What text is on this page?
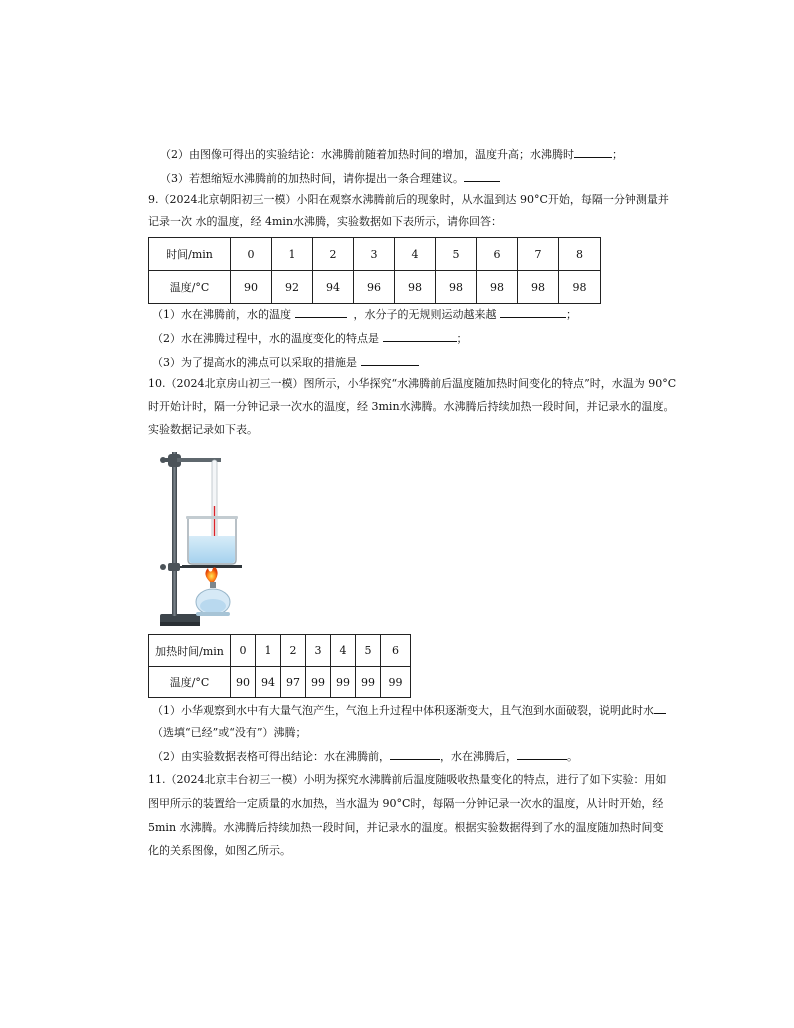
（2）由图像可得出的实验结论：水沸腾前随着加热时间的增加，温度升高；水沸腾时	；
（3）若想缩短水沸腾前的加热时间，请你提出一条合理建议。
9.（2024北京朝阳初三一模）小阳在观察水沸腾前后的现象时，从水温到达 90°C开始，每隔一分钟测量并
记录一次 水的温度，经 4min水沸腾，实验数据如下表所示，请你回答：
时间/min	0	1	2	3	4	5	6	7	8
温度/°C	90	92	94	96	98	98	98	98	98
（1）水在沸腾前，水的温度	，水分子的无规则运动越来越	；
（2）水在沸腾过程中，水的温度变化的特点是	；
（3）为了提高水的沸点可以采取的措施是
10.（2024北京房山初三一模）图所示，小华探究“水沸腾前后温度随加热时间变化的特点”时，水温为 90°C
时开始计时，隔一分钟记录一次水的温度，经 3min水沸腾。水沸腾后持续加热一段时间，并记录水的温度。
实验数据记录如下表。
加热时间/min	0	1	2	3	4	5	6
温度/°C	90	94	97	99	99	99	99
（1）小华观察到水中有大量气泡产生，气泡上升过程中体积逐渐变大，且气泡到水面破裂，说明此时水
（选填“已经”或“没有”）沸腾；
（2）由实验数据表格可得出结论：水在沸腾前，	，水在沸腾后，	。
11.（2024北京丰台初三一模）小明为探究水沸腾前后温度随吸收热量变化的特点，进行了如下实验：用如
图甲所示的装置给一定质量的水加热，当水温为 90°C时，每隔一分钟记录一次水的温度，从计时开始，经
5min 水沸腾。水沸腾后持续加热一段时间，并记录水的温度。根据实验数据得到了水的温度随加热时间变
化的关系图像，如图乙所示。
